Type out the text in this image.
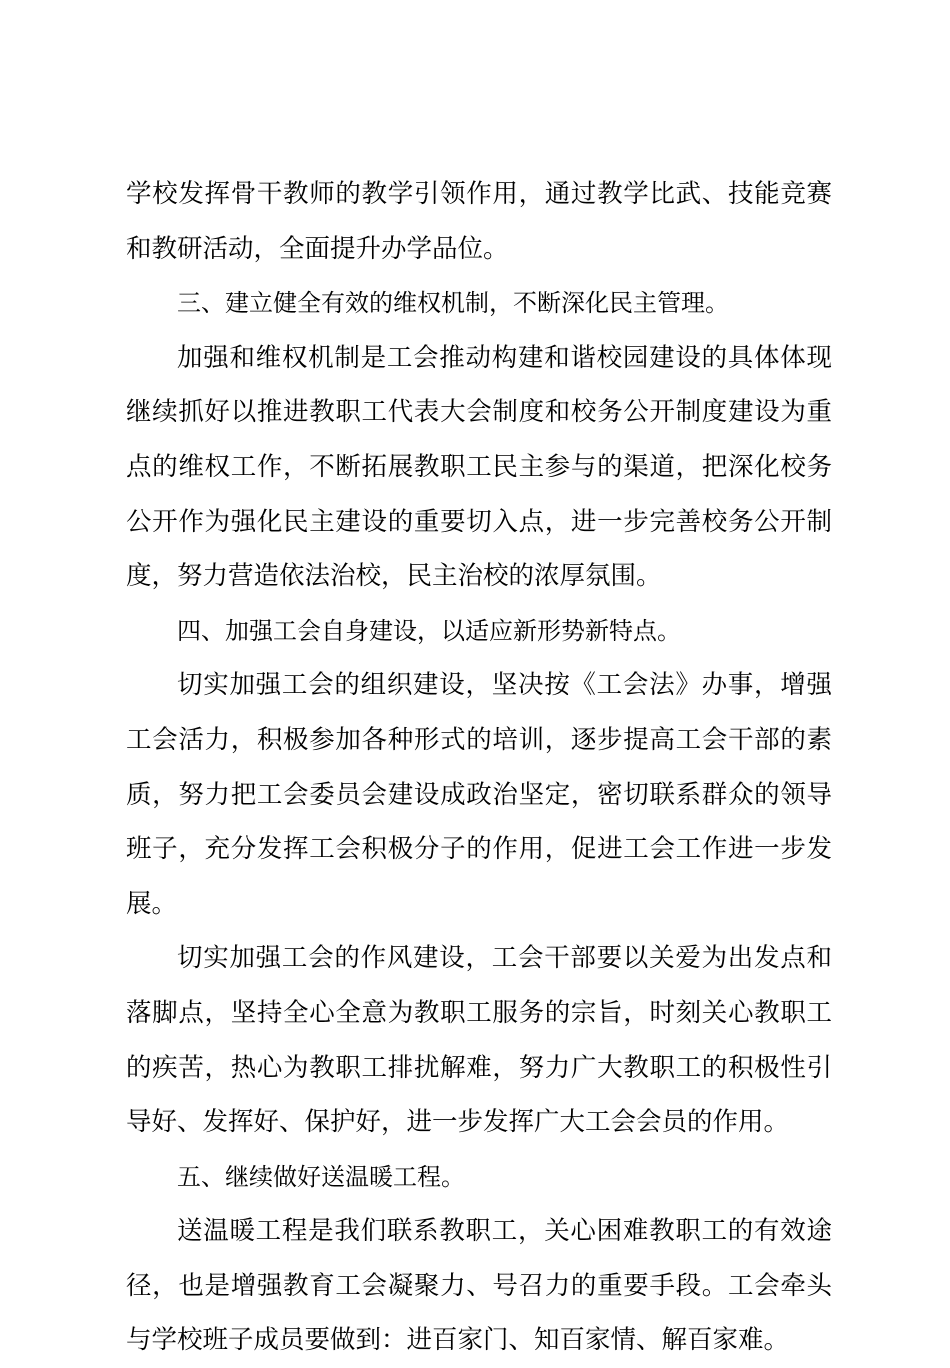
学校发挥骨干教师的教学引领作用，通过教学比武、技能竞赛和教研活动，全面提升办学品位。

三、建立健全有效的维权机制，不断深化民主管理。

加强和维权机制是工会推动构建和谐校园建设的具体体现继续抓好以推进教职工代表大会制度和校务公开制度建设为重点的维权工作，不断拓展教职工民主参与的渠道，把深化校务公开作为强化民主建设的重要切入点，进一步完善校务公开制度，努力营造依法治校，民主治校的浓厚氛围。

四、加强工会自身建设，以适应新形势新特点。

切实加强工会的组织建设，坚决按《工会法》办事，增强工会活力，积极参加各种形式的培训，逐步提高工会干部的素质，努力把工会委员会建设成政治坚定，密切联系群众的领导班子，充分发挥工会积极分子的作用，促进工会工作进一步发展。

切实加强工会的作风建设，工会干部要以关爱为出发点和落脚点，坚持全心全意为教职工服务的宗旨，时刻关心教职工的疾苦，热心为教职工排扰解难，努力广大教职工的积极性引导好、发挥好、保护好，进一步发挥广大工会会员的作用。

五、继续做好送温暖工程。

送温暖工程是我们联系教职工，关心困难教职工的有效途径，也是增强教育工会凝聚力、号召力的重要手段。工会牵头与学校班子成员要做到：进百家门、知百家情、解百家难。
